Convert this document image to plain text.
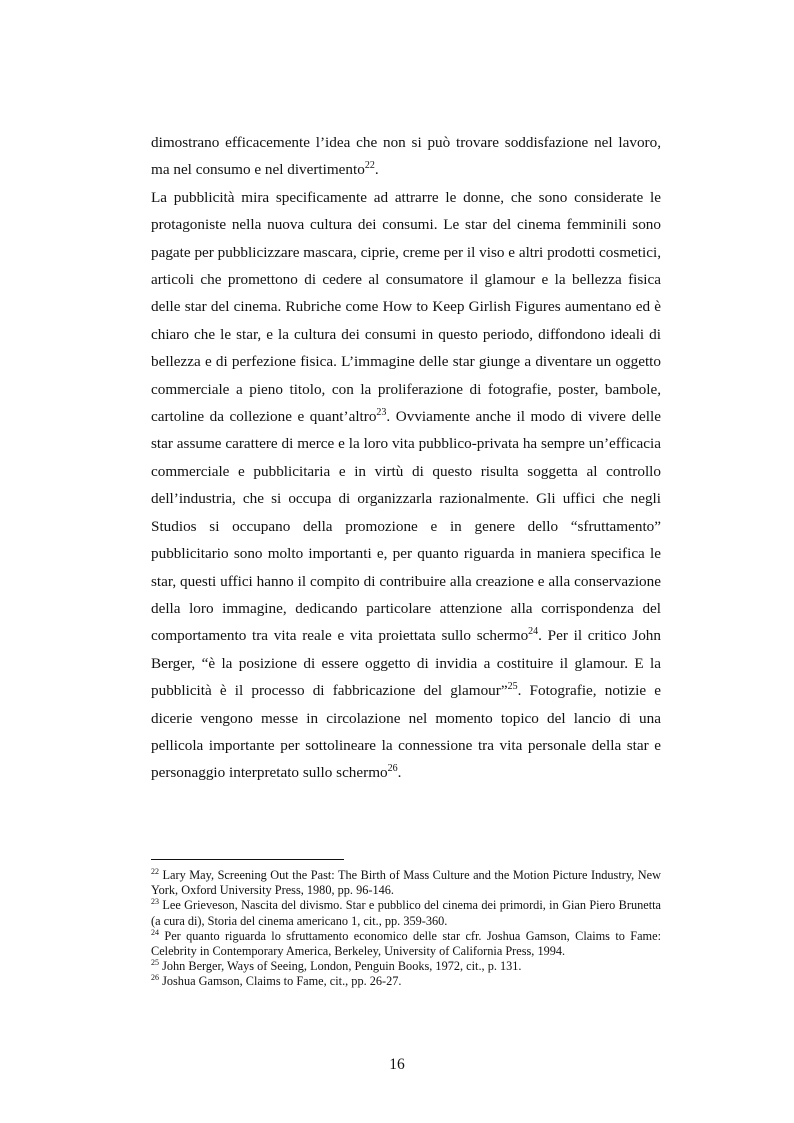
dimostrano efficacemente l’idea che non si può trovare soddisfazione nel lavoro, ma nel consumo e nel divertimento$^{22}$.

La pubblicità mira specificamente ad attrarre le donne, che sono considerate le protagoniste nella nuova cultura dei consumi. Le star del cinema femminili sono pagate per pubblicizzare mascara, ciprie, creme per il viso e altri prodotti cosmetici, articoli che promettono di cedere al consumatore il glamour e la bellezza fisica delle star del cinema. Rubriche come How to Keep Girlish Figures aumentano ed è chiaro che le star, e la cultura dei consumi in questo periodo, diffondono ideali di bellezza e di perfezione fisica. L’immagine delle star giunge a diventare un oggetto commerciale a pieno titolo, con la proliferazione di fotografie, poster, bambole, cartoline da collezione e quant’altro$^{23}$. Ovviamente anche il modo di vivere delle star assume carattere di merce e la loro vita pubblico-privata ha sempre un’efficacia commerciale e pubblicitaria e in virtù di questo risulta soggetta al controllo dell’industria, che si occupa di organizzarla razionalmente. Gli uffici che negli Studios si occupano della promozione e in genere dello “sfruttamento” pubblicitario sono molto importanti e, per quanto riguarda in maniera specifica le star, questi uffici hanno il compito di contribuire alla creazione e alla conservazione della loro immagine, dedicando particolare attenzione alla corrispondenza del comportamento tra vita reale e vita proiettata sullo schermo$^{24}$. Per il critico John Berger, “è la posizione di essere oggetto di invidia a costituire il glamour. E la pubblicità è il processo di fabbricazione del glamour”$^{25}$. Fotografie, notizie e dicerie vengono messe in circolazione nel momento topico del lancio di una pellicola importante per sottolineare la connessione tra vita personale della star e personaggio interpretato sullo schermo$^{26}$.

$^{22}$ Lary May, Screening Out the Past: The Birth of Mass Culture and the Motion Picture Industry, New York, Oxford University Press, 1980, pp. 96-146.

$^{23}$ Lee Grieveson, Nascita del divismo. Star e pubblico del cinema dei primordi, in Gian Piero Brunetta (a cura di), Storia del cinema americano 1, cit., pp. 359-360.

$^{24}$ Per quanto riguarda lo sfruttamento economico delle star cfr. Joshua Gamson, Claims to Fame: Celebrity in Contemporary America, Berkeley, University of California Press, 1994.

$^{25}$ John Berger, Ways of Seeing, London, Penguin Books, 1972, cit., p. 131.

$^{26}$ Joshua Gamson, Claims to Fame, cit., pp. 26-27.

16
